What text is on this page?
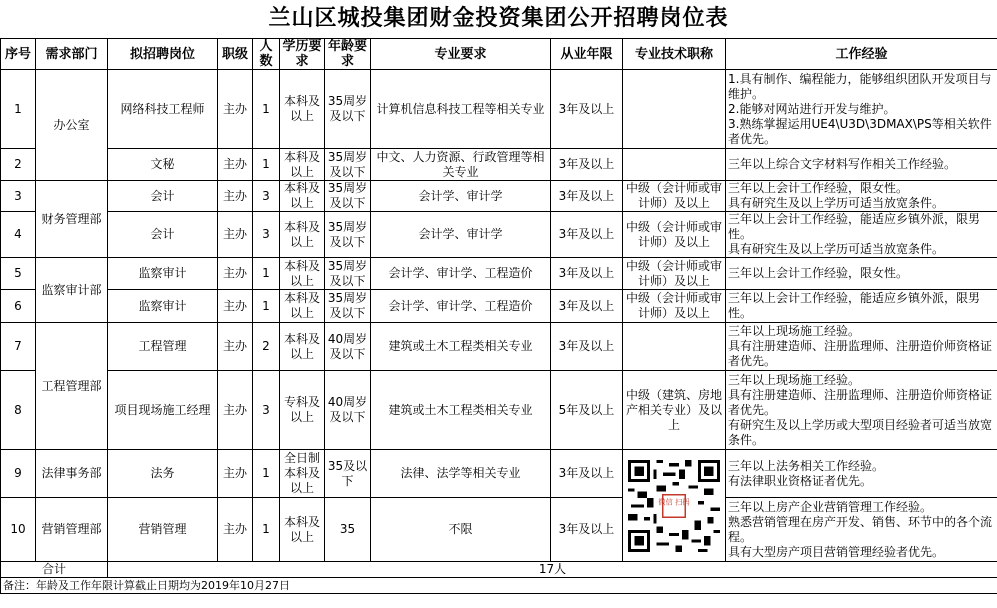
兰山区城投集团财金投资集团公开招聘岗位表
序号	需求部门	拟招聘岗位	职级	人数	学历要求	年龄要求	专业要求	从业年限	专业技术职称	工作经验
1	办公室	网络科技工程师	主办	1	本科及以上	35周岁及以下	计算机信息科技工程等相关专业	3年及以上		1.具有制作、编程能力，能够组织团队开发项目与维护。
2.能够对网站进行开发与维护。
3.熟练掌握运用UE4\U3D\3DMAX\PS等相关软件者优先。
2		文秘	主办	1	本科及以上	35周岁及以下	中文、人力资源、行政管理等相关专业	3年及以上		三年以上综合文字材料写作相关工作经验。
3	财务管理部	会计	主办	3	本科及以上	35周岁及以下	会计学、审计学	3年及以上	中级（会计师或审计师）及以上	三年以上会计工作经验，限女性。
具有研究生及以上学历可适当放宽条件。
4		会计	主办	3	本科及以上	35周岁及以下	会计学、审计学	3年及以上	中级（会计师或审计师）及以上	三年以上会计工作经验，能适应乡镇外派，限男性。
具有研究生及以上学历可适当放宽条件。
5	监察审计部	监察审计	主办	1	本科及以上	35周岁及以下	会计学、审计学、工程造价	3年及以上	中级（会计师或审计师）及以上	三年以上会计工作经验，限女性。
6		监察审计	主办	1	本科及以上	35周岁及以下	会计学、审计学、工程造价	3年及以上	中级（会计师或审计师）及以上	三年以上会计工作经验，能适应乡镇外派，限男性。
7	工程管理部	工程管理	主办	2	本科及以上	40周岁及以下	建筑或土木工程类相关专业	3年及以上		三年以上现场施工经验。
具有注册建造师、注册监理师、注册造价师资格证者优先。
8		项目现场施工经理	主办	3	专科及以上	40周岁及以下	建筑或土木工程类相关专业	5年及以上	中级（建筑、房地产相关专业）及以上	三年以上现场施工经验。
具有注册建造师、注册监理师、注册造价师资格证者优先。
有研究生及以上学历或大型项目经验者可适当放宽条件。
9	法律事务部	法务	主办	1	全日制本科及以上	35及以下	法律、法学等相关专业	3年及以上	微信 扫码	三年以上法务相关工作经验。
有法律职业资格证者优先。
10	营销管理部	营销管理	主办	1	本科及以上	35	不限	3年及以上		三年以上房产企业营销管理工作经验。
熟悉营销管理在房产开发、销售、环节中的各个流程。
具有大型房产项目营销管理经验者优先。
合计		17人								
备注：年龄及工作年限计算截止日期均为2019年10月27日										
